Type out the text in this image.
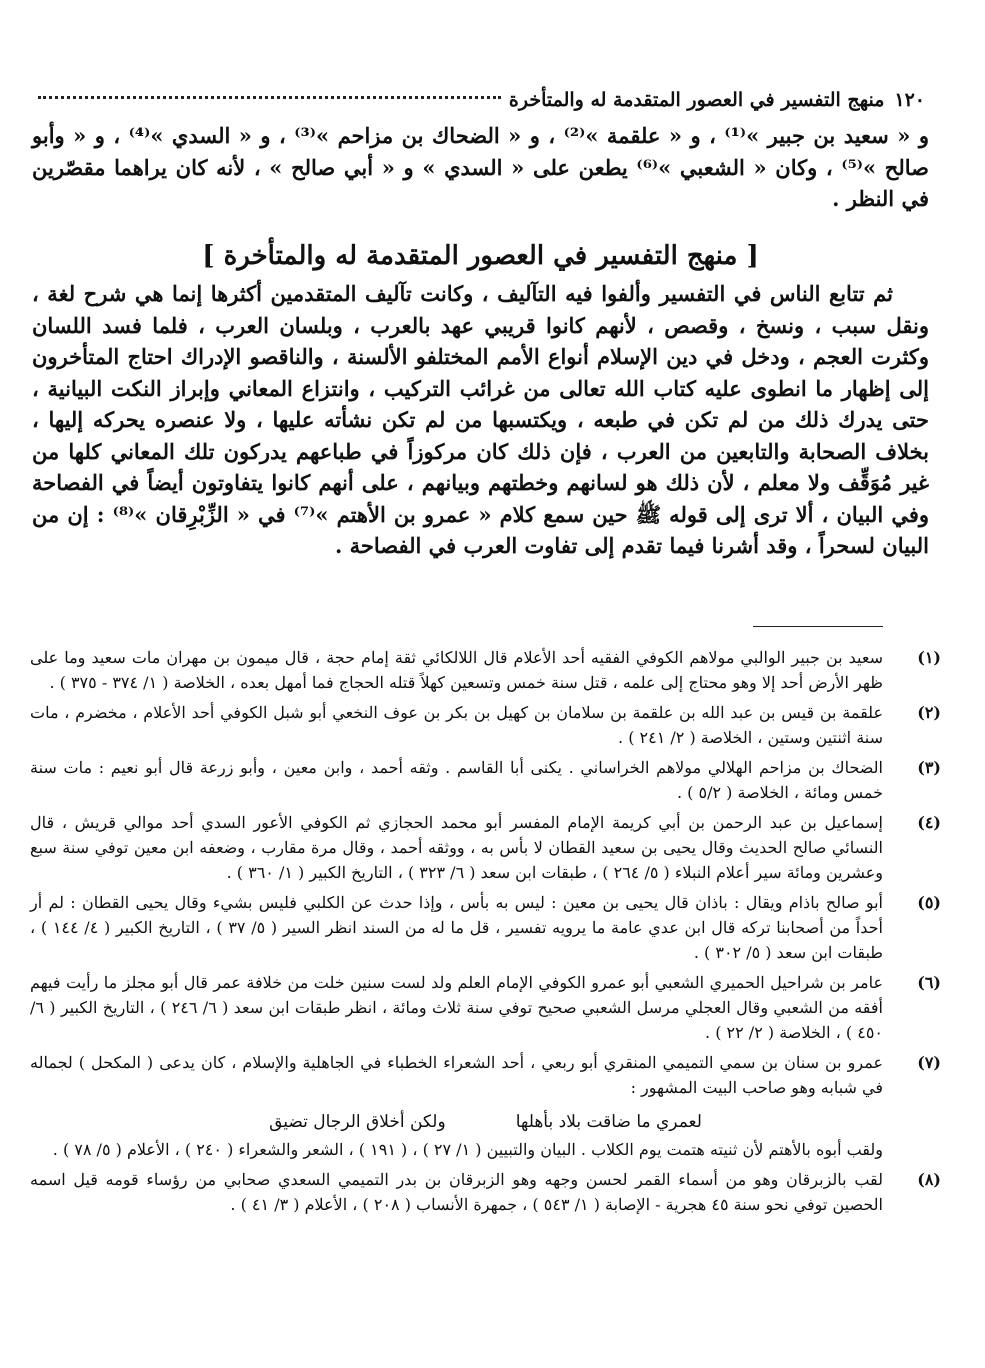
١٢٠
منهج التفسير في العصور المتقدمة له والمتأخرة

و « سعيد بن جبير »⁽¹⁾ ، و « علقمة »⁽²⁾ ، و « الضحاك بن مزاحم »⁽³⁾ ، و « السدي »⁽⁴⁾ ، و « وأبو صالح »⁽⁵⁾ ، وكان « الشعبي »⁽⁶⁾ يطعن على « السدي » و « أبي صالح » ، لأنه كان يراهما مقصّرين في النظر .

[ منهج التفسير في العصور المتقدمة له والمتأخرة ]

ثم تتابع الناس في التفسير وألفوا فيه التآليف ، وكانت تآليف المتقدمين أكثرها إنما هي شرح لغة ، ونقل سبب ، ونسخ ، وقصص ، لأنهم كانوا قريبي عهد بالعرب ، وبلسان العرب ، فلما فسد اللسان وكثرت العجم ، ودخل في دين الإسلام أنواع الأمم المختلفو الألسنة ، والناقصو الإدراك احتاج المتأخرون إلى إظهار ما انطوى عليه كتاب الله تعالى من غرائب التركيب ، وانتزاع المعاني وإبراز النكت البيانية ، حتى يدرك ذلك من لم تكن في طبعه ، ويكتسبها من لم تكن نشأته عليها ، ولا عنصره يحركه إليها ، بخلاف الصحابة والتابعين من العرب ، فإن ذلك كان مركوزاً في طباعهم يدركون تلك المعاني كلها من غير مُوَقِّف ولا معلم ، لأن ذلك هو لسانهم وخطتهم وبيانهم ، على أنهم كانوا يتفاوتون أيضاً في الفصاحة وفي البيان ، ألا ترى إلى قوله ﷺ حين سمع كلام « عمرو بن الأهتم »⁽⁷⁾ في « الزِّبْرِقان »⁽⁸⁾ : إن من البيان لسحراً ، وقد أشرنا فيما تقدم إلى تفاوت العرب في الفصاحة .

(١)
سعيد بن جبير الوالبي مولاهم الكوفي الفقيه أحد الأعلام قال اللالكائي ثقة إمام حجة ، قال ميمون بن مهران مات سعيد وما على ظهر الأرض أحد إلا وهو محتاج إلى علمه ، قتل سنة خمس وتسعين كهلاً قتله الحجاج فما أمهل بعده ، الخلاصة ( ١/ ٣٧٤ - ٣٧٥ ) .
(٢)
علقمة بن قيس بن عبد الله بن علقمة بن سلامان بن كهيل بن بكر بن عوف النخعي أبو شبل الكوفي أحد الأعلام ، مخضرم ، مات سنة اثنتين وستين ، الخلاصة ( ٢/ ٢٤١ ) .
(٣)
الضحاك بن مزاحم الهلالي مولاهم الخراساني . يكنى أبا القاسم . وثقه أحمد ، وابن معين ، وأبو زرعة قال أبو نعيم : مات سنة خمس ومائة ، الخلاصة ( ٥/٢ ) .
(٤)
إسماعيل بن عبد الرحمن بن أبي كريمة الإمام المفسر أبو محمد الحجازي ثم الكوفي الأعور السدي أحد موالي قريش ، قال النسائي صالح الحديث وقال يحيى بن سعيد القطان لا بأس به ، ووثقه أحمد ، وقال مرة مقارب ، وضعفه ابن معين توفي سنة سبع وعشرين ومائة سير أعلام النبلاء ( ٥/ ٢٦٤ ) ، طبقات ابن سعد ( ٦/ ٣٢٣ ) ، التاريخ الكبير ( ١/ ٣٦٠ ) .
(٥)
أبو صالح باذام ويقال : باذان قال يحيى بن معين : ليس به بأس ، وإذا حدث عن الكلبي فليس بشيء وقال يحيى القطان : لم أر أحداً من أصحابنا تركه قال ابن عدي عامة ما يرويه تفسير ، قل ما له من السند انظر السير ( ٥/ ٣٧ ) ، التاريخ الكبير ( ٤/ ١٤٤ ) ، طبقات ابن سعد ( ٥/ ٣٠٢ ) .
(٦)
عامر بن شراحيل الحميري الشعبي أبو عمرو الكوفي الإمام العلم ولد لست سنين خلت من خلافة عمر قال أبو مجلز ما رأيت فيهم أفقه من الشعبي وقال العجلي مرسل الشعبي صحيح توفي سنة ثلاث ومائة ، انظر طبقات ابن سعد ( ٦/ ٢٤٦ ) ، التاريخ الكبير ( ٦/ ٤٥٠ ) ، الخلاصة ( ٢/ ٢٢ ) .
(٧)
عمرو بن سنان بن سمي التميمي المنقري أبو ربعي ، أحد الشعراء الخطباء في الجاهلية والإسلام ، كان يدعى ( المكحل ) لجماله في شبابه وهو صاحب البيت المشهور :
لعمري ما ضاقت بلاد بأهلها
ولكن أخلاق الرجال تضيق
ولقب أبوه بالأهتم لأن ثنيته هتمت يوم الكلاب . البيان والتبيين ( ١/ ٢٧ ) ، ( ١٩١ ) ، الشعر والشعراء ( ٢٤٠ ) ، الأعلام ( ٥/ ٧٨ ) .
(٨)
لقب بالزبرقان وهو من أسماء القمر لحسن وجهه وهو الزبرقان بن بدر التميمي السعدي صحابي من رؤساء قومه قيل اسمه الحصين توفي نحو سنة ٤٥ هجرية - الإصابة ( ١/ ٥٤٣ ) ، جمهرة الأنساب ( ٢٠٨ ) ، الأعلام ( ٣/ ٤١ ) .
